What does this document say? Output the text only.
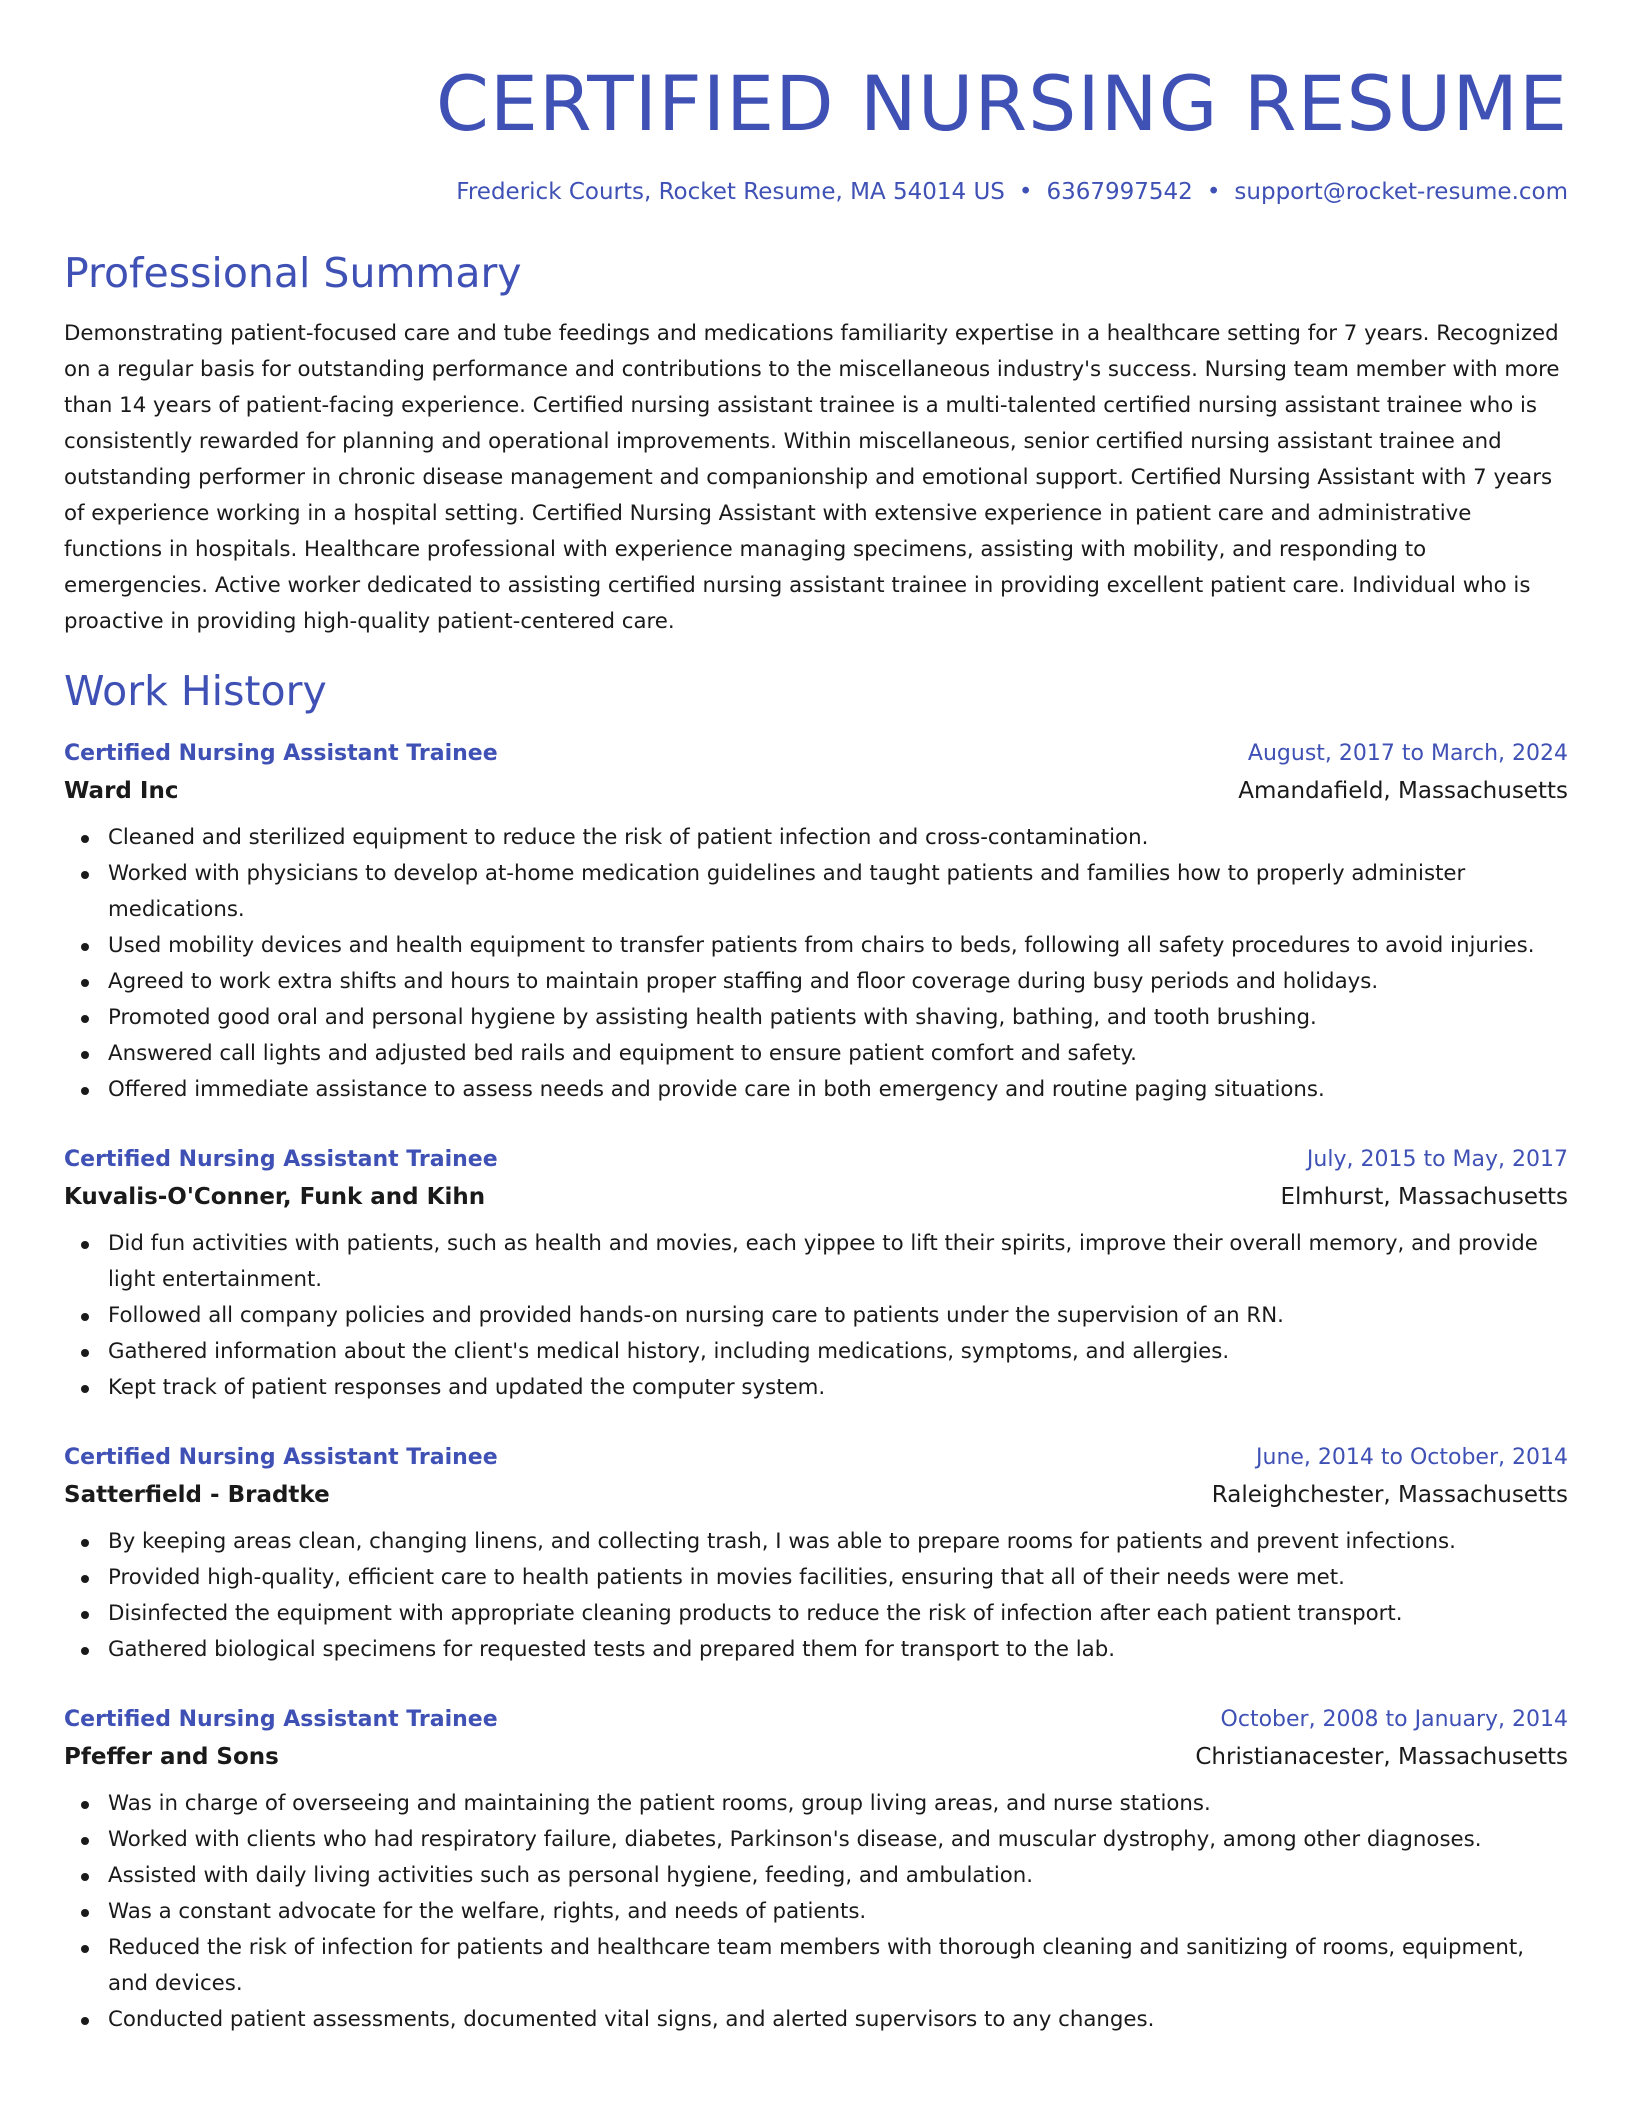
CERTIFIED NURSING RESUME
Frederick Courts, Rocket Resume, MA 54014 US • 6367997542 • support@rocket-resume.com
Professional Summary

Demonstrating patient-focused care and tube feedings and medications familiarity expertise in a healthcare setting for 7 years. Recognized on a regular basis for outstanding performance and contributions to the miscellaneous industry's success. Nursing team member with more than 14 years of patient-facing experience. Certified nursing assistant trainee is a multi-talented certified nursing assistant trainee who is consistently rewarded for planning and operational improvements. Within miscellaneous, senior certified nursing assistant trainee and outstanding performer in chronic disease management and companionship and emotional support. Certified Nursing Assistant with 7 years of experience working in a hospital setting. Certified Nursing Assistant with extensive experience in patient care and administrative functions in hospitals. Healthcare professional with experience managing specimens, assisting with mobility, and responding to emergencies. Active worker dedicated to assisting certified nursing assistant trainee in providing excellent patient care. Individual who is proactive in providing high-quality patient-centered care.

Work History
Certified Nursing Assistant Trainee	August, 2017 to March, 2024
Ward Inc	Amandafield, Massachusetts
Cleaned and sterilized equipment to reduce the risk of patient infection and cross-contamination.
Worked with physicians to develop at-home medication guidelines and taught patients and families how to properly administer medications.
Used mobility devices and health equipment to transfer patients from chairs to beds, following all safety procedures to avoid injuries.
Agreed to work extra shifts and hours to maintain proper staffing and floor coverage during busy periods and holidays.
Promoted good oral and personal hygiene by assisting health patients with shaving, bathing, and tooth brushing.
Answered call lights and adjusted bed rails and equipment to ensure patient comfort and safety.
Offered immediate assistance to assess needs and provide care in both emergency and routine paging situations.
Certified Nursing Assistant Trainee	July, 2015 to May, 2017
Kuvalis-O'Conner, Funk and Kihn	Elmhurst, Massachusetts
Did fun activities with patients, such as health and movies, each yippee to lift their spirits, improve their overall memory, and provide light entertainment.
Followed all company policies and provided hands-on nursing care to patients under the supervision of an RN.
Gathered information about the client's medical history, including medications, symptoms, and allergies.
Kept track of patient responses and updated the computer system.
Certified Nursing Assistant Trainee	June, 2014 to October, 2014
Satterfield - Bradtke	Raleighchester, Massachusetts
By keeping areas clean, changing linens, and collecting trash, I was able to prepare rooms for patients and prevent infections.
Provided high-quality, efficient care to health patients in movies facilities, ensuring that all of their needs were met.
Disinfected the equipment with appropriate cleaning products to reduce the risk of infection after each patient transport.
Gathered biological specimens for requested tests and prepared them for transport to the lab.
Certified Nursing Assistant Trainee	October, 2008 to January, 2014
Pfeffer and Sons	Christianacester, Massachusetts
Was in charge of overseeing and maintaining the patient rooms, group living areas, and nurse stations.
Worked with clients who had respiratory failure, diabetes, Parkinson's disease, and muscular dystrophy, among other diagnoses.
Assisted with daily living activities such as personal hygiene, feeding, and ambulation.
Was a constant advocate for the welfare, rights, and needs of patients.
Reduced the risk of infection for patients and healthcare team members with thorough cleaning and sanitizing of rooms, equipment, and devices.
Conducted patient assessments, documented vital signs, and alerted supervisors to any changes.
